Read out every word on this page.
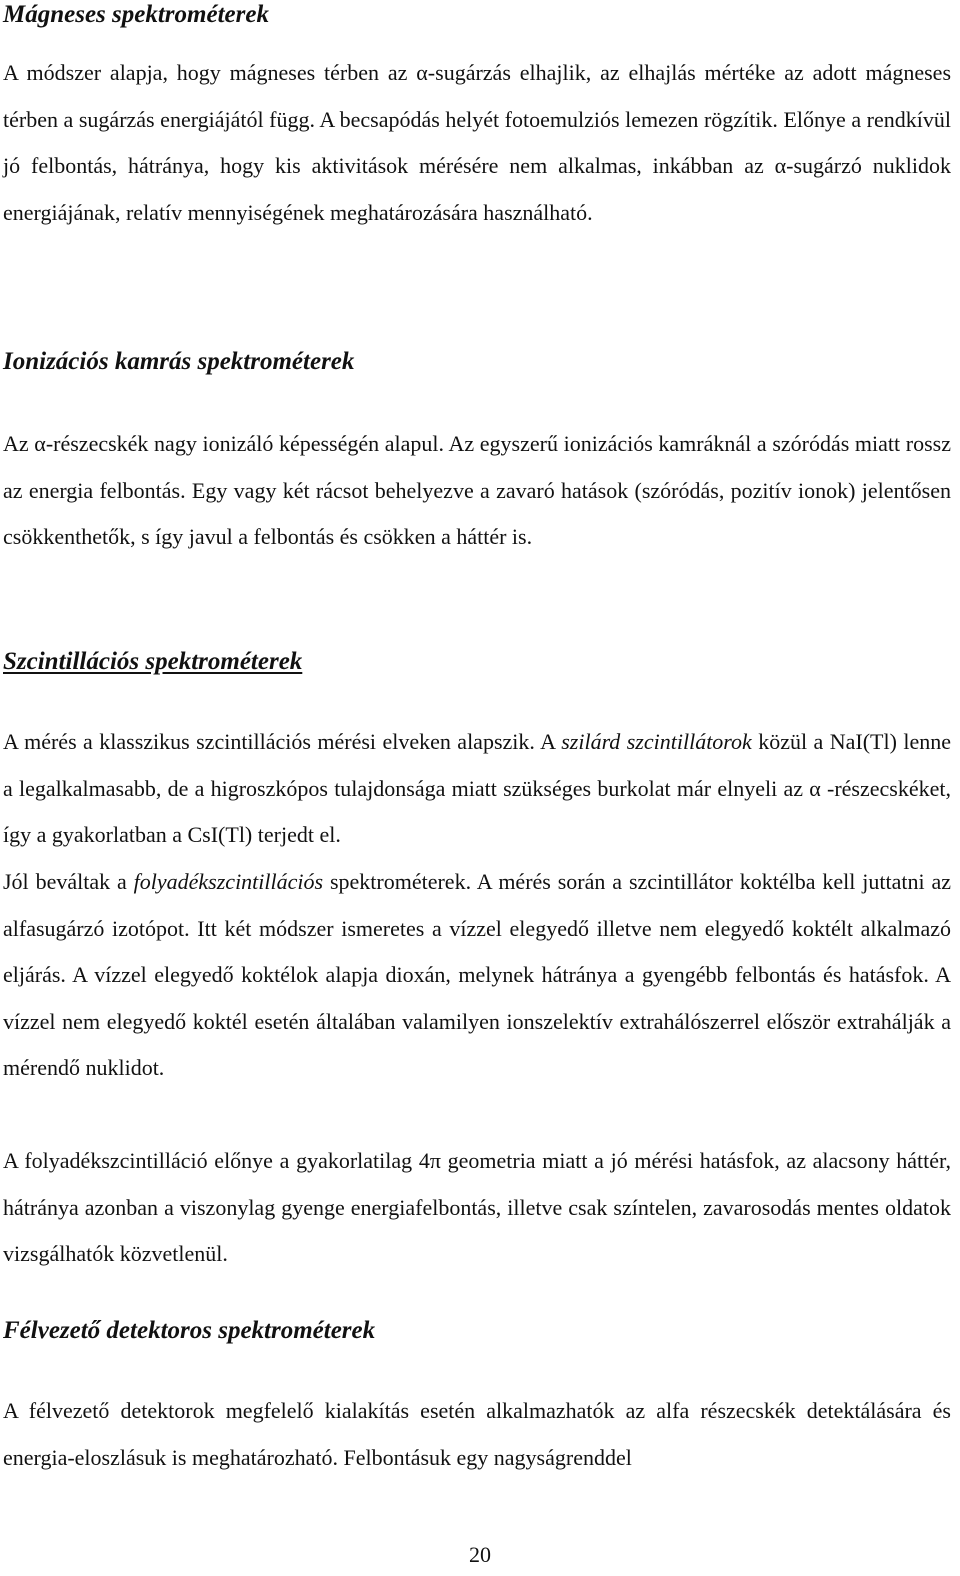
Mágneses spektrométerek

A módszer alapja, hogy mágneses térben az α-sugárzás elhajlik, az elhajlás mértéke az adott mágneses térben a sugárzás energiájától függ. A becsapódás helyét fotoemulziós lemezen rögzítik. Előnye a rendkívül jó felbontás, hátránya, hogy kis aktivitások mérésére nem alkalmas, inkábban az α-sugárzó nuklidok energiájának, relatív mennyiségének meghatározására használható.

Ionizációs kamrás spektrométerek

Az α-részecskék nagy ionizáló képességén alapul. Az egyszerű ionizációs kamráknál a szóródás miatt rossz az energia felbontás. Egy vagy két rácsot behelyezve a zavaró hatások (szóródás, pozitív ionok) jelentősen csökkenthetők, s így javul a felbontás és csökken a háttér is.

Szcintillációs spektrométerek

A mérés a klasszikus szcintillációs mérési elveken alapszik. A szilárd szcintillátorok közül a NaI(Tl) lenne a legalkalmasabb, de a higroszkópos tulajdonsága miatt szükséges burkolat már elnyeli az α -részecskéket, így a gyakorlatban a CsI(Tl) terjedt el.

Jól beváltak a folyadékszcintillációs spektrométerek. A mérés során a szcintillátor koktélba kell juttatni az alfasugárzó izotópot. Itt két módszer ismeretes a vízzel elegyedő illetve nem elegyedő koktélt alkalmazó eljárás. A vízzel elegyedő koktélok alapja dioxán, melynek hátránya a gyengébb felbontás és hatásfok. A vízzel nem elegyedő koktél esetén általában valamilyen ionszelektív extrahálószerrel először extrahálják a mérendő nuklidot.

A folyadékszcintilláció előnye a gyakorlatilag 4π geometria miatt a jó mérési hatásfok, az alacsony háttér, hátránya azonban a viszonylag gyenge energiafelbontás, illetve csak színtelen, zavarosodás mentes oldatok vizsgálhatók közvetlenül.

Félvezető detektoros spektrométerek

A félvezető detektorok megfelelő kialakítás esetén alkalmazhatók az alfa részecskék detektálására és energia-eloszlásuk is meghatározható. Felbontásuk egy nagyságrenddel

20
